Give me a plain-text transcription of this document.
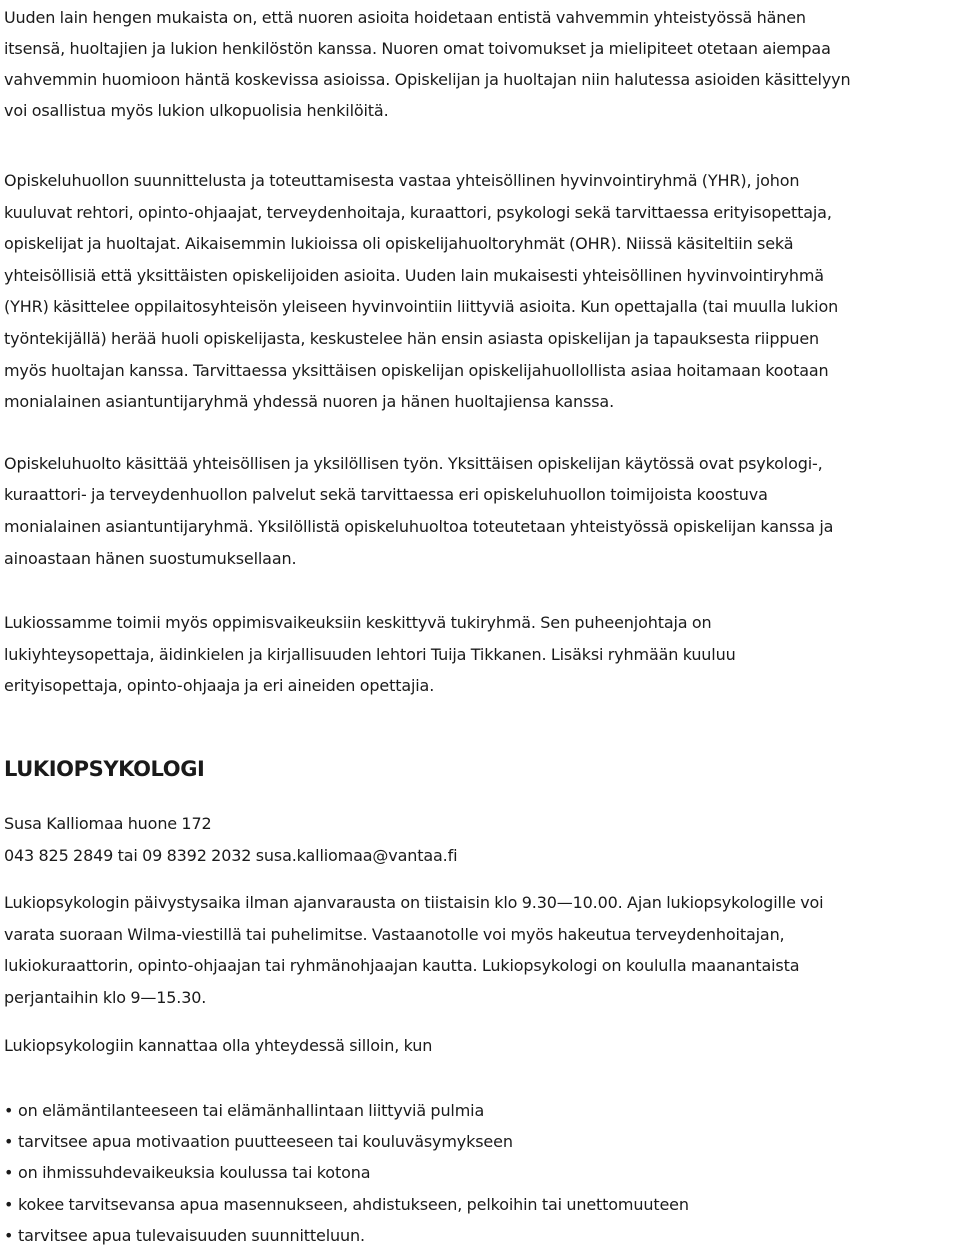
Uuden lain hengen mukaista on, että nuoren asioita hoidetaan entistä vahvemmin yhteistyössä hänen
itsensä, huoltajien ja lukion henkilöstön kanssa. Nuoren omat toivomukset ja mielipiteet otetaan aiempaa
vahvemmin huomioon häntä koskevissa asioissa. Opiskelijan ja huoltajan niin halutessa asioiden käsittelyyn
voi osallistua myös lukion ulkopuolisia henkilöitä.

Opiskeluhuollon suunnittelusta ja toteuttamisesta vastaa yhteisöllinen hyvinvointiryhmä (YHR), johon
kuuluvat rehtori, opinto-ohjaajat, terveydenhoitaja, kuraattori, psykologi sekä tarvittaessa erityisopettaja,
opiskelijat ja huoltajat. Aikaisemmin lukioissa oli opiskelijahuoltoryhmät (OHR). Niissä käsiteltiin sekä
yhteisöllisiä että yksittäisten opiskelijoiden asioita. Uuden lain mukaisesti yhteisöllinen hyvinvointiryhmä
(YHR) käsittelee oppilaitosyhteisön yleiseen hyvinvointiin liittyviä asioita. Kun opettajalla (tai muulla lukion
työntekijällä) herää huoli opiskelijasta, keskustelee hän ensin asiasta opiskelijan ja tapauksesta riippuen
myös huoltajan kanssa. Tarvittaessa yksittäisen opiskelijan opiskelijahuollollista asiaa hoitamaan kootaan
monialainen asiantuntijaryhmä yhdessä nuoren ja hänen huoltajiensa kanssa.

Opiskeluhuolto käsittää yhteisöllisen ja yksilöllisen työn. Yksittäisen opiskelijan käytössä ovat psykologi-,
kuraattori- ja terveydenhuollon palvelut sekä tarvittaessa eri opiskeluhuollon toimijoista koostuva
monialainen asiantuntijaryhmä. Yksilöllistä opiskeluhuoltoa toteutetaan yhteistyössä opiskelijan kanssa ja
ainoastaan hänen suostumuksellaan.

Lukiossamme toimii myös oppimisvaikeuksiin keskittyvä tukiryhmä. Sen puheenjohtaja on
lukiyhteysopettaja, äidinkielen ja kirjallisuuden lehtori Tuija Tikkanen. Lisäksi ryhmään kuuluu
erityisopettaja, opinto-ohjaaja ja eri aineiden opettajia.

LUKIOPSYKOLOGI

Susa Kalliomaa huone 172

043 825 2849 tai 09 8392 2032 susa.kalliomaa@vantaa.fi

Lukiopsykologin päivystysaika ilman ajanvarausta on tiistaisin klo 9.30—10.00. Ajan lukiopsykologille voi
varata suoraan Wilma-viestillä tai puhelimitse. Vastaanotolle voi myös hakeutua terveydenhoitajan,
lukiokuraattorin, opinto-ohjaajan tai ryhmänohjaajan kautta. Lukiopsykologi on koululla maanantaista
perjantaihin klo 9—15.30.

Lukiopsykologiin kannattaa olla yhteydessä silloin, kun

• on elämäntilanteeseen tai elämänhallintaan liittyviä pulmia
• tarvitsee apua motivaation puutteeseen tai kouluväsymykseen
• on ihmissuhdevaikeuksia koulussa tai kotona
• kokee tarvitsevansa apua masennukseen, ahdistukseen, pelkoihin tai unettomuuteen
• tarvitsee apua tulevaisuuden suunnitteluun.
